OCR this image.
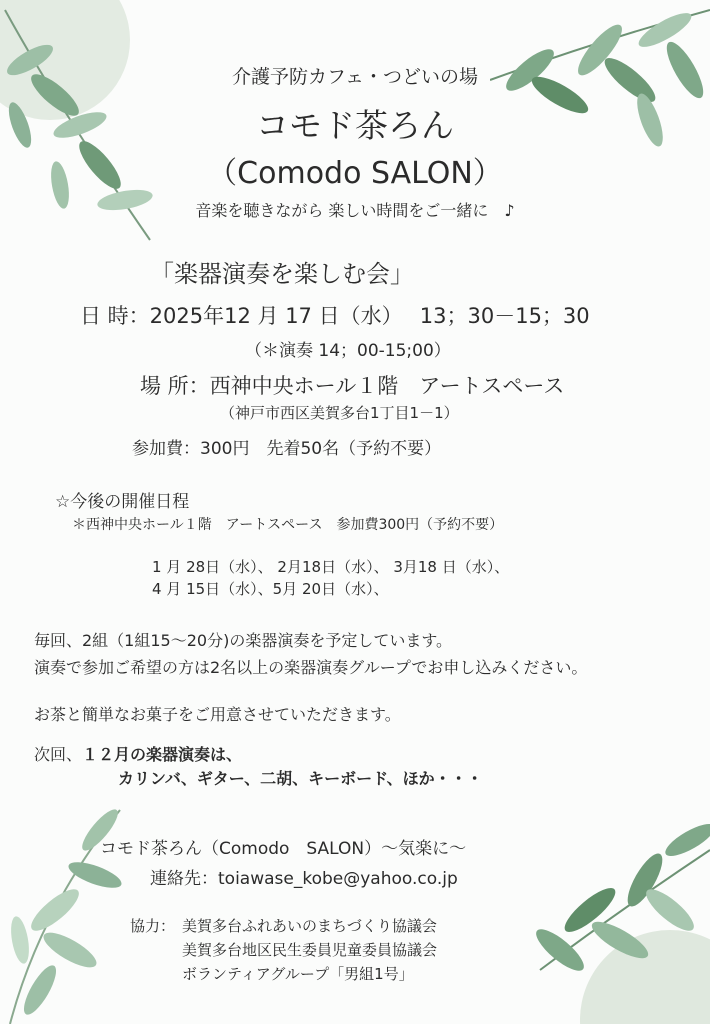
介護予防カフェ・つどいの場
コモド茶ろん
（Comodo SALON）
音楽を聴きながら 楽しい時間をご一緒に　♪
「楽器演奏を楽しむ会」
日 時：2025年12 月 17 日（水）　 13；30－15；30
（＊演奏 14；00-15;00）
場 所：西神中央ホール１階　アートスペース
（神戸市西区美賀多台1丁目1－1）
参加費：300円　先着50名（予約不要）
☆今後の開催日程
＊西神中央ホール１階　アートスペース　参加費300円（予約不要）
1 月 28日（水）、 2月18日（水）、 3月18 日（水）、
4 月 15日（水）、5月 20日（水）、
毎回、2組（1組15～20分)の楽器演奏を予定しています。
演奏で参加ご希望の方は2名以上の楽器演奏グループでお申し込みください。
お茶と簡単なお菓子をご用意させていただきます。
次回、１２月の楽器演奏は、
カリンバ、ギター、二胡、キーボード、ほか・・・
コモド茶ろん（Comodo　SALON）～気楽に～
連絡先：toiawase_kobe@yahoo.co.jp
協力： 美賀多台ふれあいのまちづくり協議会
美賀多台地区民生委員児童委員協議会
ボランティアグループ「男組1号」
